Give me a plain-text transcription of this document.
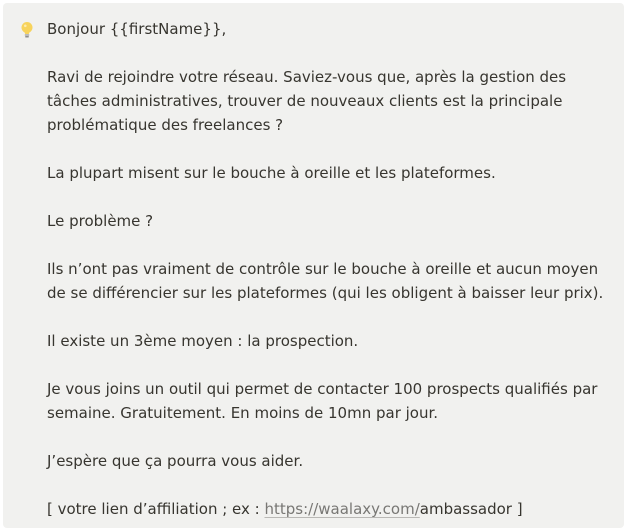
Bonjour {{firstName}},

Ravi de rejoindre votre réseau. Saviez-vous que, après la gestion des tâches administratives, trouver de nouveaux clients est la principale problématique des freelances ?

La plupart misent sur le bouche à oreille et les plateformes.

Le problème ?

Ils n’ont pas vraiment de contrôle sur le bouche à oreille et aucun moyen de se différencier sur les plateformes (qui les obligent à baisser leur prix).

Il existe un 3ème moyen : la prospection.

Je vous joins un outil qui permet de contacter 100 prospects qualifiés par semaine. Gratuitement. En moins de 10mn par jour.

J’espère que ça pourra vous aider.

[ votre lien d’affiliation ; ex : https://waalaxy.com/ambassador ]
